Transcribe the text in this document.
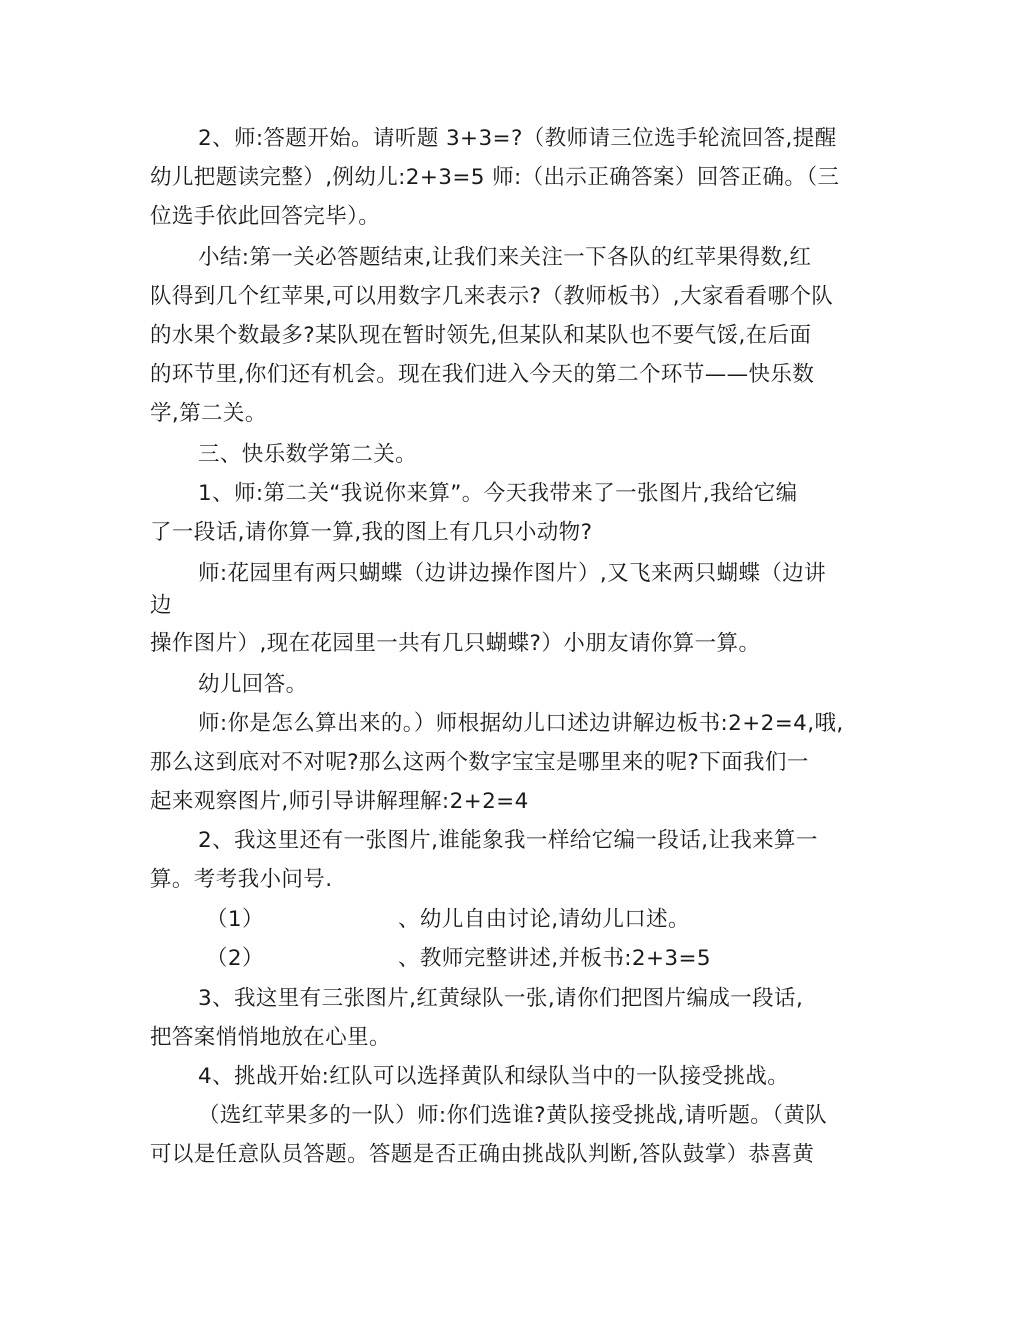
2、师:答题开始。请听题 3+3=?（教师请三位选手轮流回答,提醒
幼儿把题读完整）,例幼儿:2+3=5 师:（出示正确答案）回答正确。（三
位选手依此回答完毕）。
小结:第一关必答题结束,让我们来关注一下各队的红苹果得数,红
队得到几个红苹果,可以用数字几来表示?（教师板书）,大家看看哪个队
的水果个数最多?某队现在暂时领先,但某队和某队也不要气馁,在后面
的环节里,你们还有机会。现在我们进入今天的第二个环节——快乐数
学,第二关。
三、快乐数学第二关。
1、师:第二关“我说你来算”。今天我带来了一张图片,我给它编
了一段话,请你算一算,我的图上有几只小动物?
师:花园里有两只蝴蝶（边讲边操作图片）,又飞来两只蝴蝶（边讲
边
操作图片）,现在花园里一共有几只蝴蝶?）小朋友请你算一算。
幼儿回答。
师:你是怎么算出来的。）师根据幼儿口述边讲解边板书:2+2=4,哦,
那么这到底对不对呢?那么这两个数字宝宝是哪里来的呢?下面我们一
起来观察图片,师引导讲解理解:2+2=4
2、我这里还有一张图片,谁能象我一样给它编一段话,让我来算一
算。考考我小问号.
（1）	、幼儿自由讨论,请幼儿口述。
（2）	、教师完整讲述,并板书:2+3=5
3、我这里有三张图片,红黄绿队一张,请你们把图片编成一段话,
把答案悄悄地放在心里。
4、挑战开始:红队可以选择黄队和绿队当中的一队接受挑战。
（选红苹果多的一队）师:你们选谁?黄队接受挑战,请听题。（黄队
可以是任意队员答题。答题是否正确由挑战队判断,答队鼓掌）恭喜黄
